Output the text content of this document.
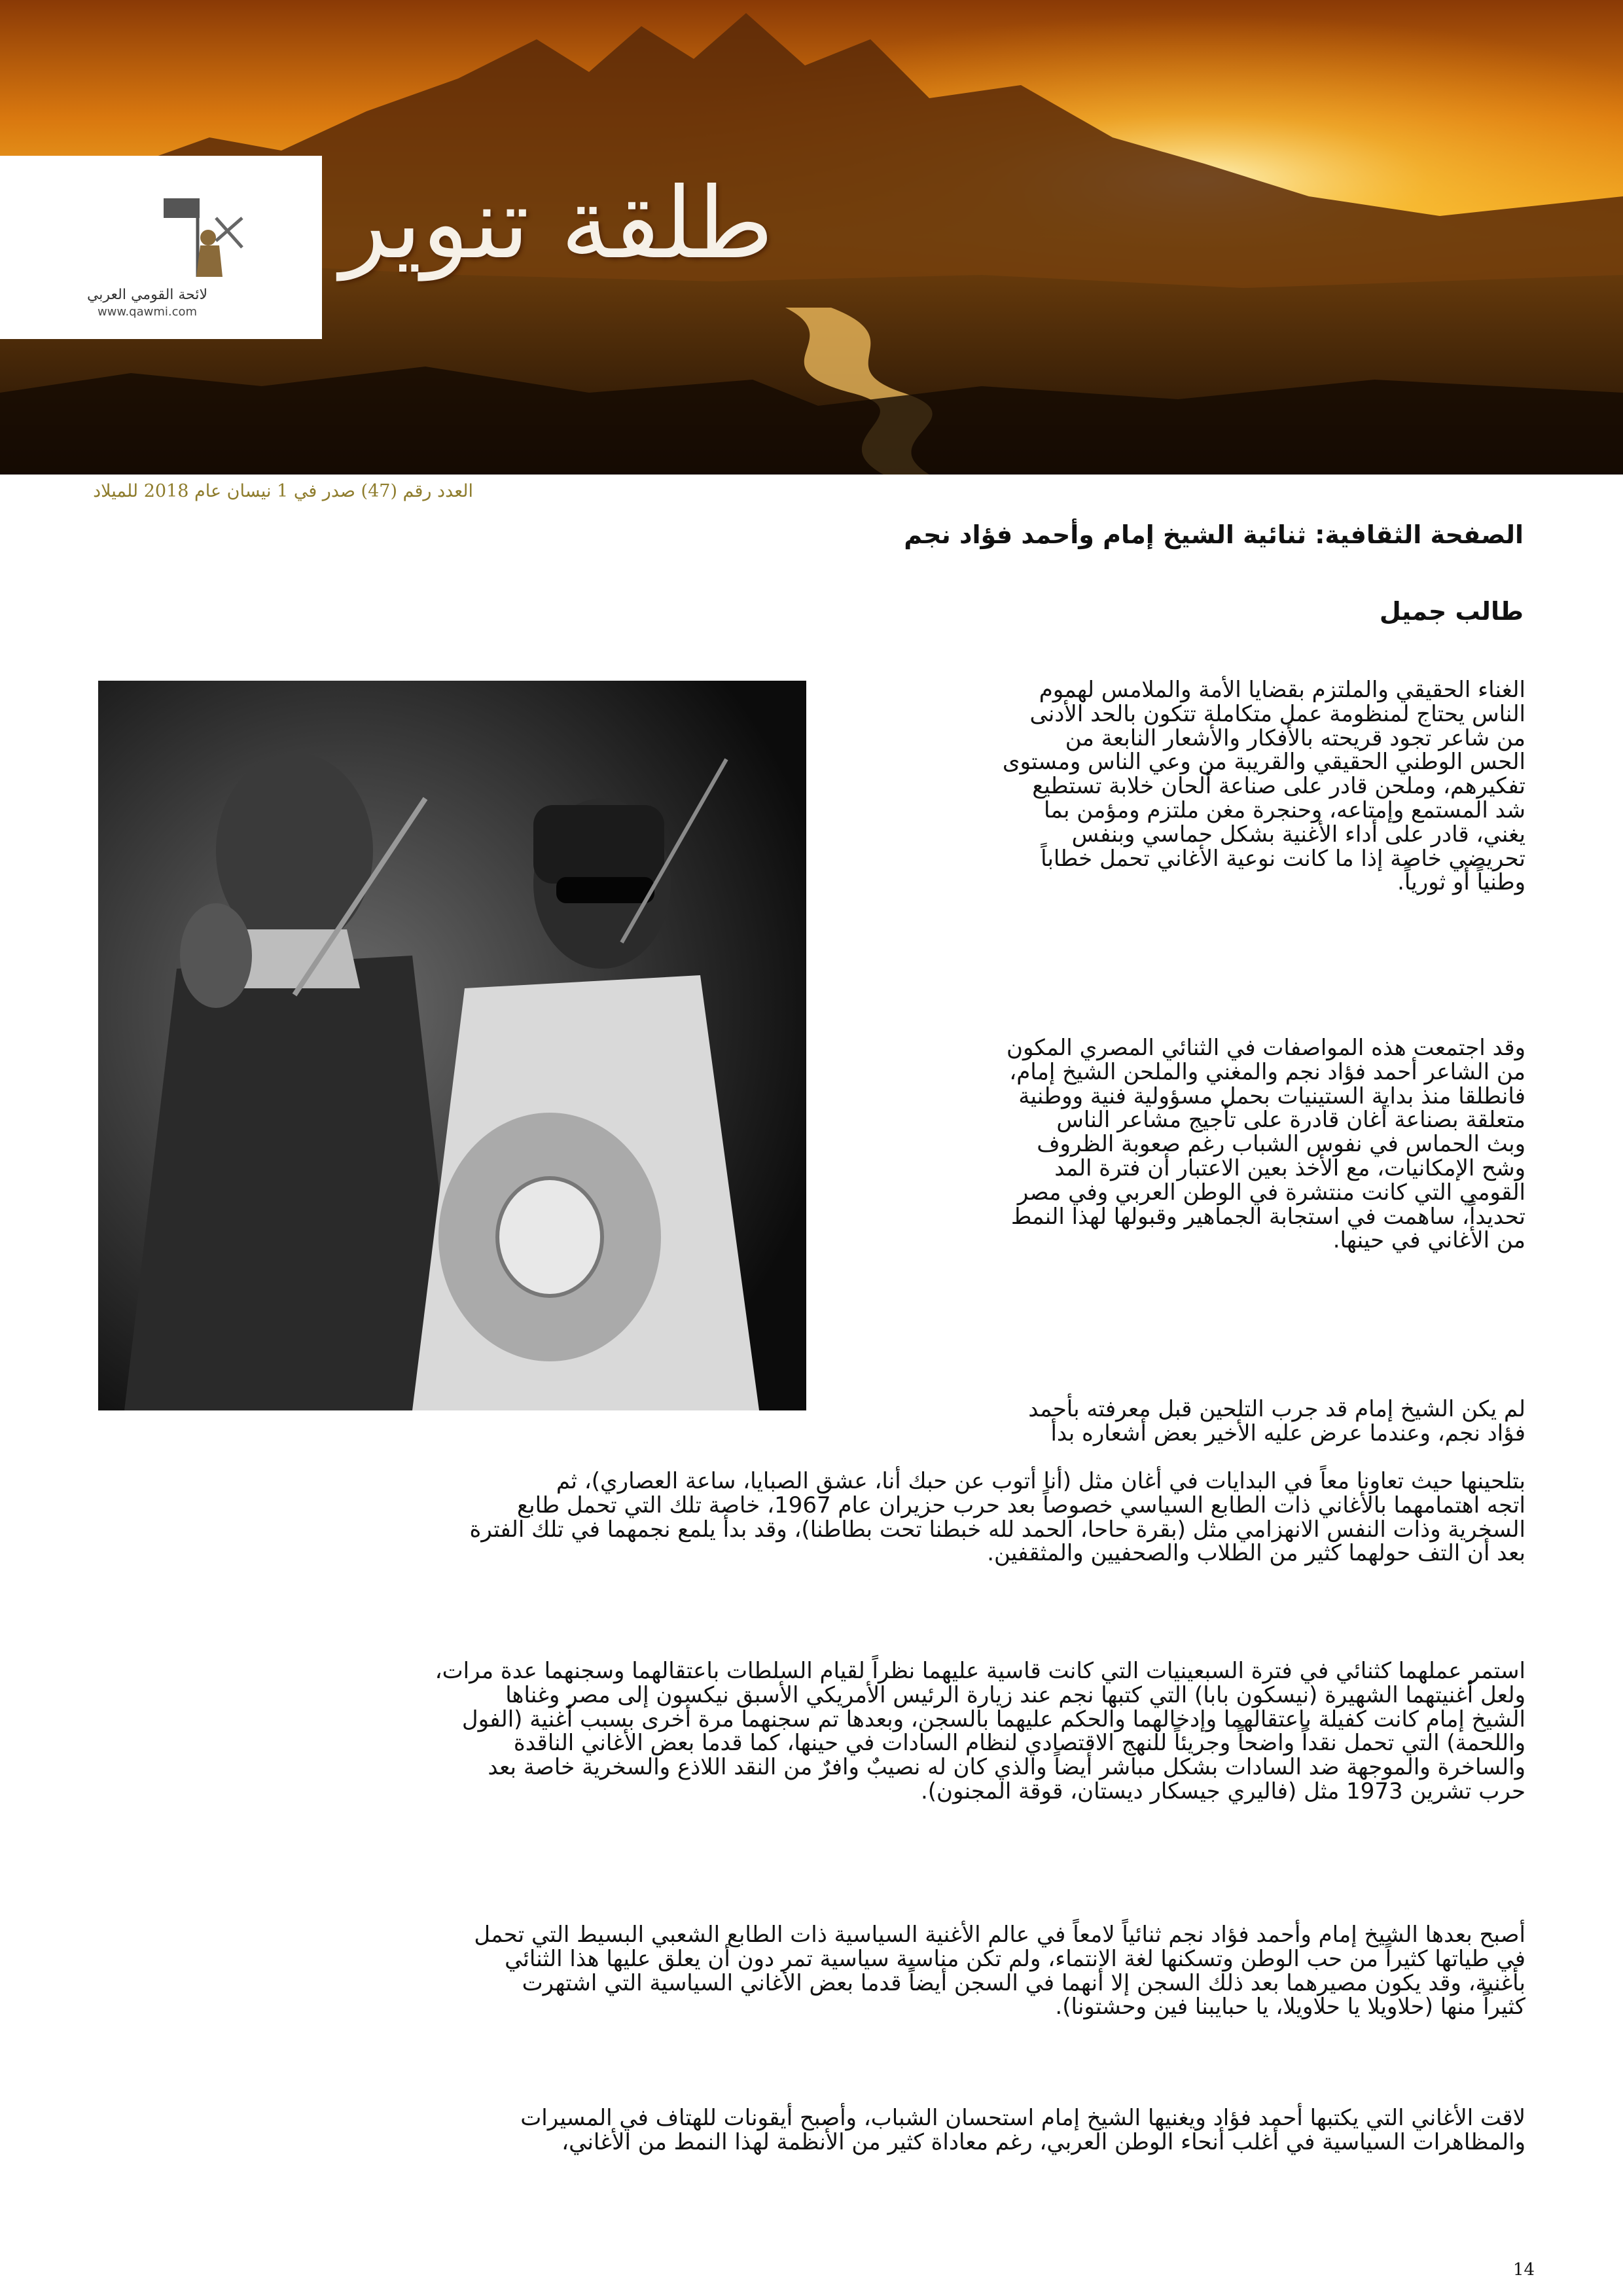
لائحة القومي العربي
www.qawmi.com
طلقة تنوير
العدد رقم (47) صدر في 1 نيسان عام 2018 للميلاد
الصفحة الثقافية: ثنائية الشيخ إمام وأحمد فؤاد نجم
طالب جميل
الغناء الحقيقي والملتزم بقضايا الأمة والملامس لهموم
الناس يحتاج لمنظومة عمل متكاملة تتكون بالحد الأدنى
من شاعر تجود قريحته بالأفكار والأشعار النابعة من
الحس الوطني الحقيقي والقريبة من وعي الناس ومستوى
تفكيرهم، وملحن قادر على صناعة ألحان خلابة تستطيع
شد المستمع وإمتاعه، وحنجرة مغن ملتزم ومؤمن بما
يغني، قادر على أداء الأغنية بشكل حماسي وبنفس
تحريضي خاصة إذا ما كانت نوعية الأغاني تحمل خطاباً
وطنياً أو ثورياً.
وقد اجتمعت هذه المواصفات في الثنائي المصري المكون
من الشاعر أحمد فؤاد نجم والمغني والملحن الشيخ إمام،
فانطلقا منذ بداية الستينيات بحمل مسؤولية فنية ووطنية
متعلقة بصناعة أغان قادرة على تأجيج مشاعر الناس
وبث الحماس في نفوس الشباب رغم صعوبة الظروف
وشح الإمكانيات، مع الأخذ بعين الاعتبار أن فترة المد
القومي التي كانت منتشرة في الوطن العربي وفي مصر
تحديداً، ساهمت في استجابة الجماهير وقبولها لهذا النمط
من الأغاني في حينها.
لم يكن الشيخ إمام قد جرب التلحين قبل معرفته بأحمد
فؤاد نجم، وعندما عرض عليه الأخير بعض أشعاره بدأ
بتلحينها حيث تعاونا معاً في البدايات في أغان مثل (أنا أتوب عن حبك أنا، عشق الصبايا، ساعة العصاري)، ثم
اتجه اهتمامهما بالأغاني ذات الطابع السياسي خصوصاً بعد حرب حزيران عام 1967، خاصة تلك التي تحمل طابع
السخرية وذات النفس الانهزامي مثل (بقرة حاحا، الحمد لله خبطنا تحت بطاطنا)، وقد بدأ يلمع نجمهما في تلك الفترة
بعد أن التف حولهما كثير من الطلاب والصحفيين والمثقفين.
استمر عملهما كثنائي في فترة السبعينيات التي كانت قاسية عليهما نظراً لقيام السلطات باعتقالهما وسجنهما عدة مرات،
ولعل أغنيتهما الشهيرة (نيسكون بابا) التي كتبها نجم عند زيارة الرئيس الأمريكي الأسبق نيكسون إلى مصر وغناها
الشيخ إمام كانت كفيلة باعتقالهما وإدخالهما والحكم عليهما بالسجن، وبعدها تم سجنهما مرة أخرى بسبب أغنية (الفول
واللحمة) التي تحمل نقداً واضحاً وجريئاً للنهج الاقتصادي لنظام السادات في حينها، كما قدما بعض الأغاني الناقدة
والساخرة والموجهة ضد السادات بشكل مباشر أيضاً والذي كان له نصيبٌ وافرٌ من النقد اللاذع والسخرية خاصة بعد
حرب تشرين 1973 مثل (فاليري جيسكار ديستان، قوقة المجنون).
أصبح بعدها الشيخ إمام وأحمد فؤاد نجم ثنائياً لامعاً في عالم الأغنية السياسية ذات الطابع الشعبي البسيط التي تحمل
في طياتها كثيراً من حب الوطن وتسكنها لغة الانتماء، ولم تكن مناسبة سياسية تمر دون أن يعلق عليها هذا الثنائي
بأغنية، وقد يكون مصيرهما بعد ذلك السجن إلا أنهما في السجن أيضاً قدما بعض الأغاني السياسية التي اشتهرت
كثيراً منها (حلاويلا يا حلاويلا، يا حبايبنا فين وحشتونا).
لاقت الأغاني التي يكتبها أحمد فؤاد ويغنيها الشيخ إمام استحسان الشباب، وأصبح أيقونات للهتاف في المسيرات
والمظاهرات السياسية في أغلب أنحاء الوطن العربي، رغم معاداة كثير من الأنظمة لهذا النمط من الأغاني،
14
